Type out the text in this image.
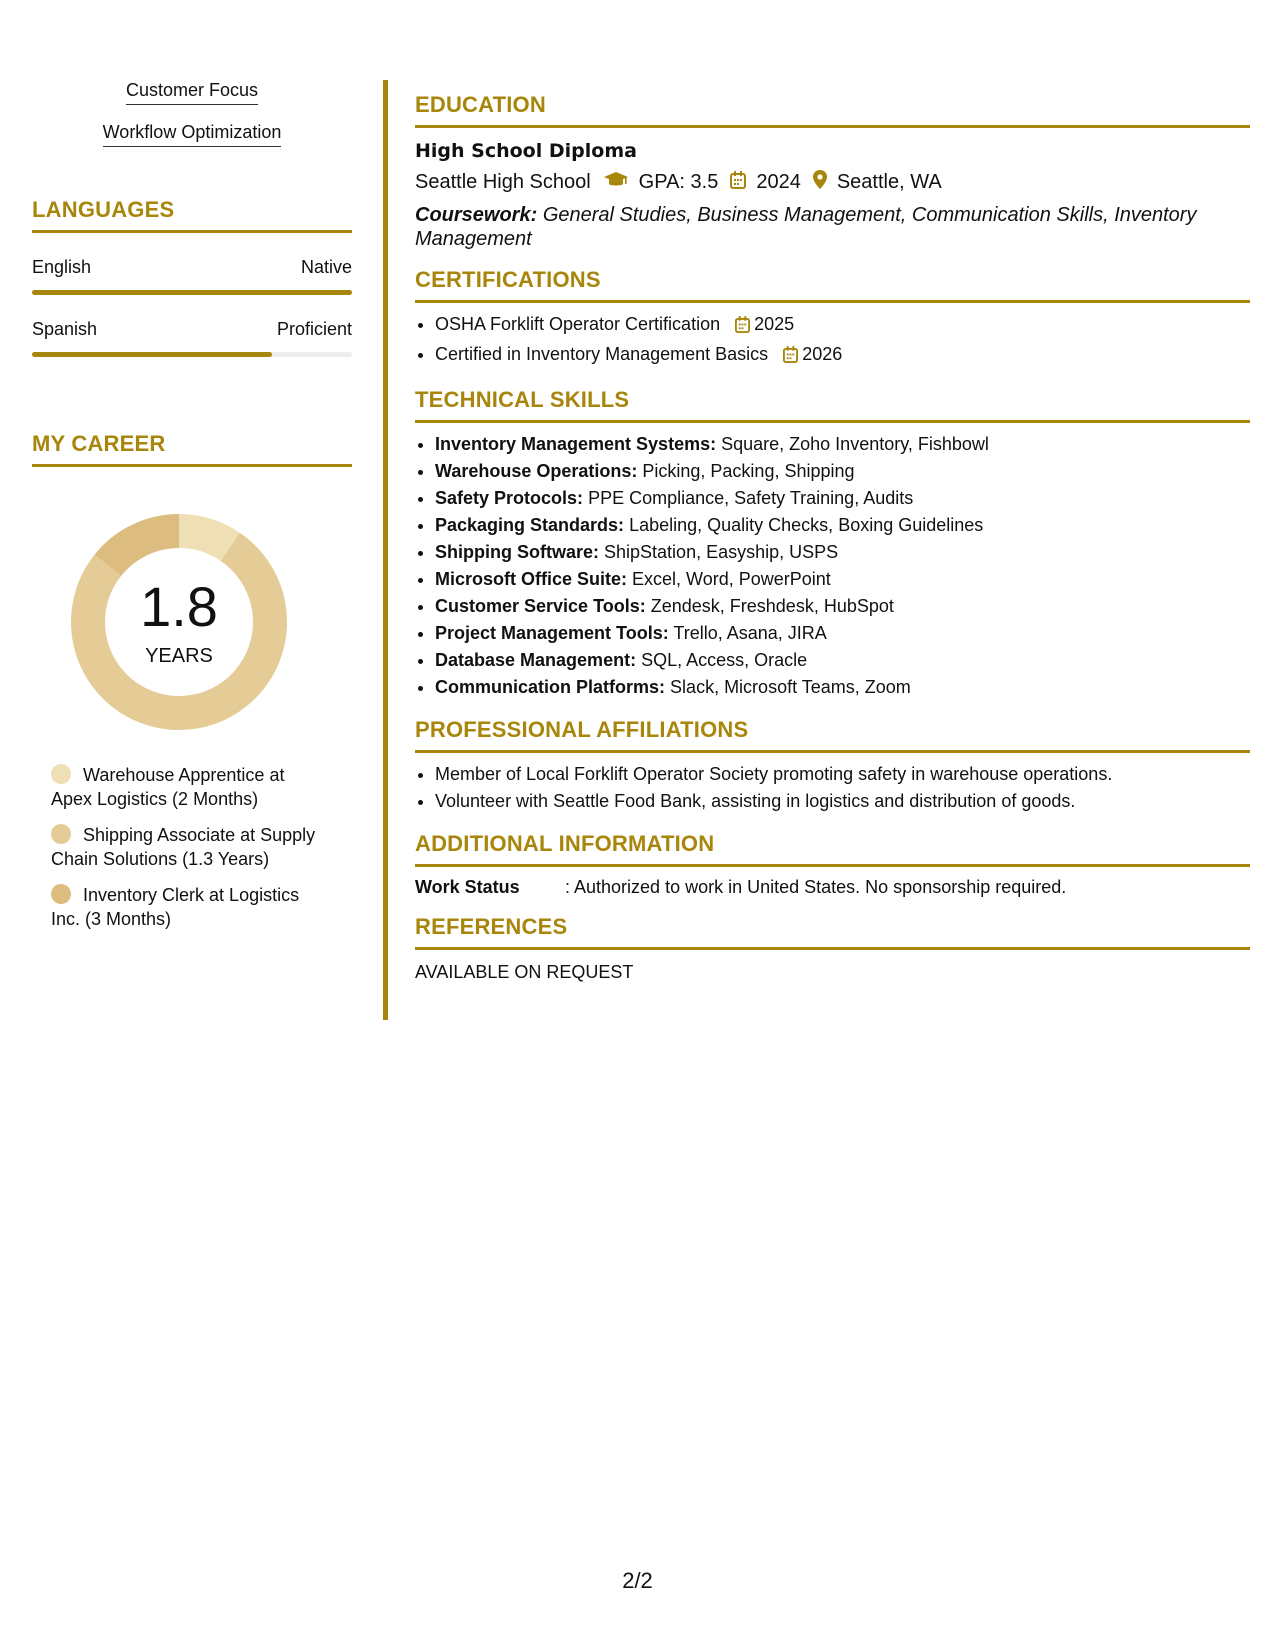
Customer Focus
Workflow Optimization
LANGUAGES
English	Native
Spanish	Proficient
MY CAREER
1.8
YEARS
Warehouse Apprentice at Apex Logistics (2 Months)
Shipping Associate at Supply Chain Solutions (1.3 Years)
Inventory Clerk at Logistics Inc. (3 Months)
EDUCATION
High School Diploma
Seattle High School GPA: 3.5 2024 Seattle, WA
Coursework: General Studies, Business Management, Communication Skills, Inventory Management
CERTIFICATIONS
• OSHA Forklift Operator Certification 2025
• Certified in Inventory Management Basics 2026
TECHNICAL SKILLS
• Inventory Management Systems: Square, Zoho Inventory, Fishbowl
• Warehouse Operations: Picking, Packing, Shipping
• Safety Protocols: PPE Compliance, Safety Training, Audits
• Packaging Standards: Labeling, Quality Checks, Boxing Guidelines
• Shipping Software: ShipStation, Easyship, USPS
• Microsoft Office Suite: Excel, Word, PowerPoint
• Customer Service Tools: Zendesk, Freshdesk, HubSpot
• Project Management Tools: Trello, Asana, JIRA
• Database Management: SQL, Access, Oracle
• Communication Platforms: Slack, Microsoft Teams, Zoom
PROFESSIONAL AFFILIATIONS
• Member of Local Forklift Operator Society promoting safety in warehouse operations.
• Volunteer with Seattle Food Bank, assisting in logistics and distribution of goods.
ADDITIONAL INFORMATION
Work Status	: Authorized to work in United States. No sponsorship required.
REFERENCES
AVAILABLE ON REQUEST
2/2
